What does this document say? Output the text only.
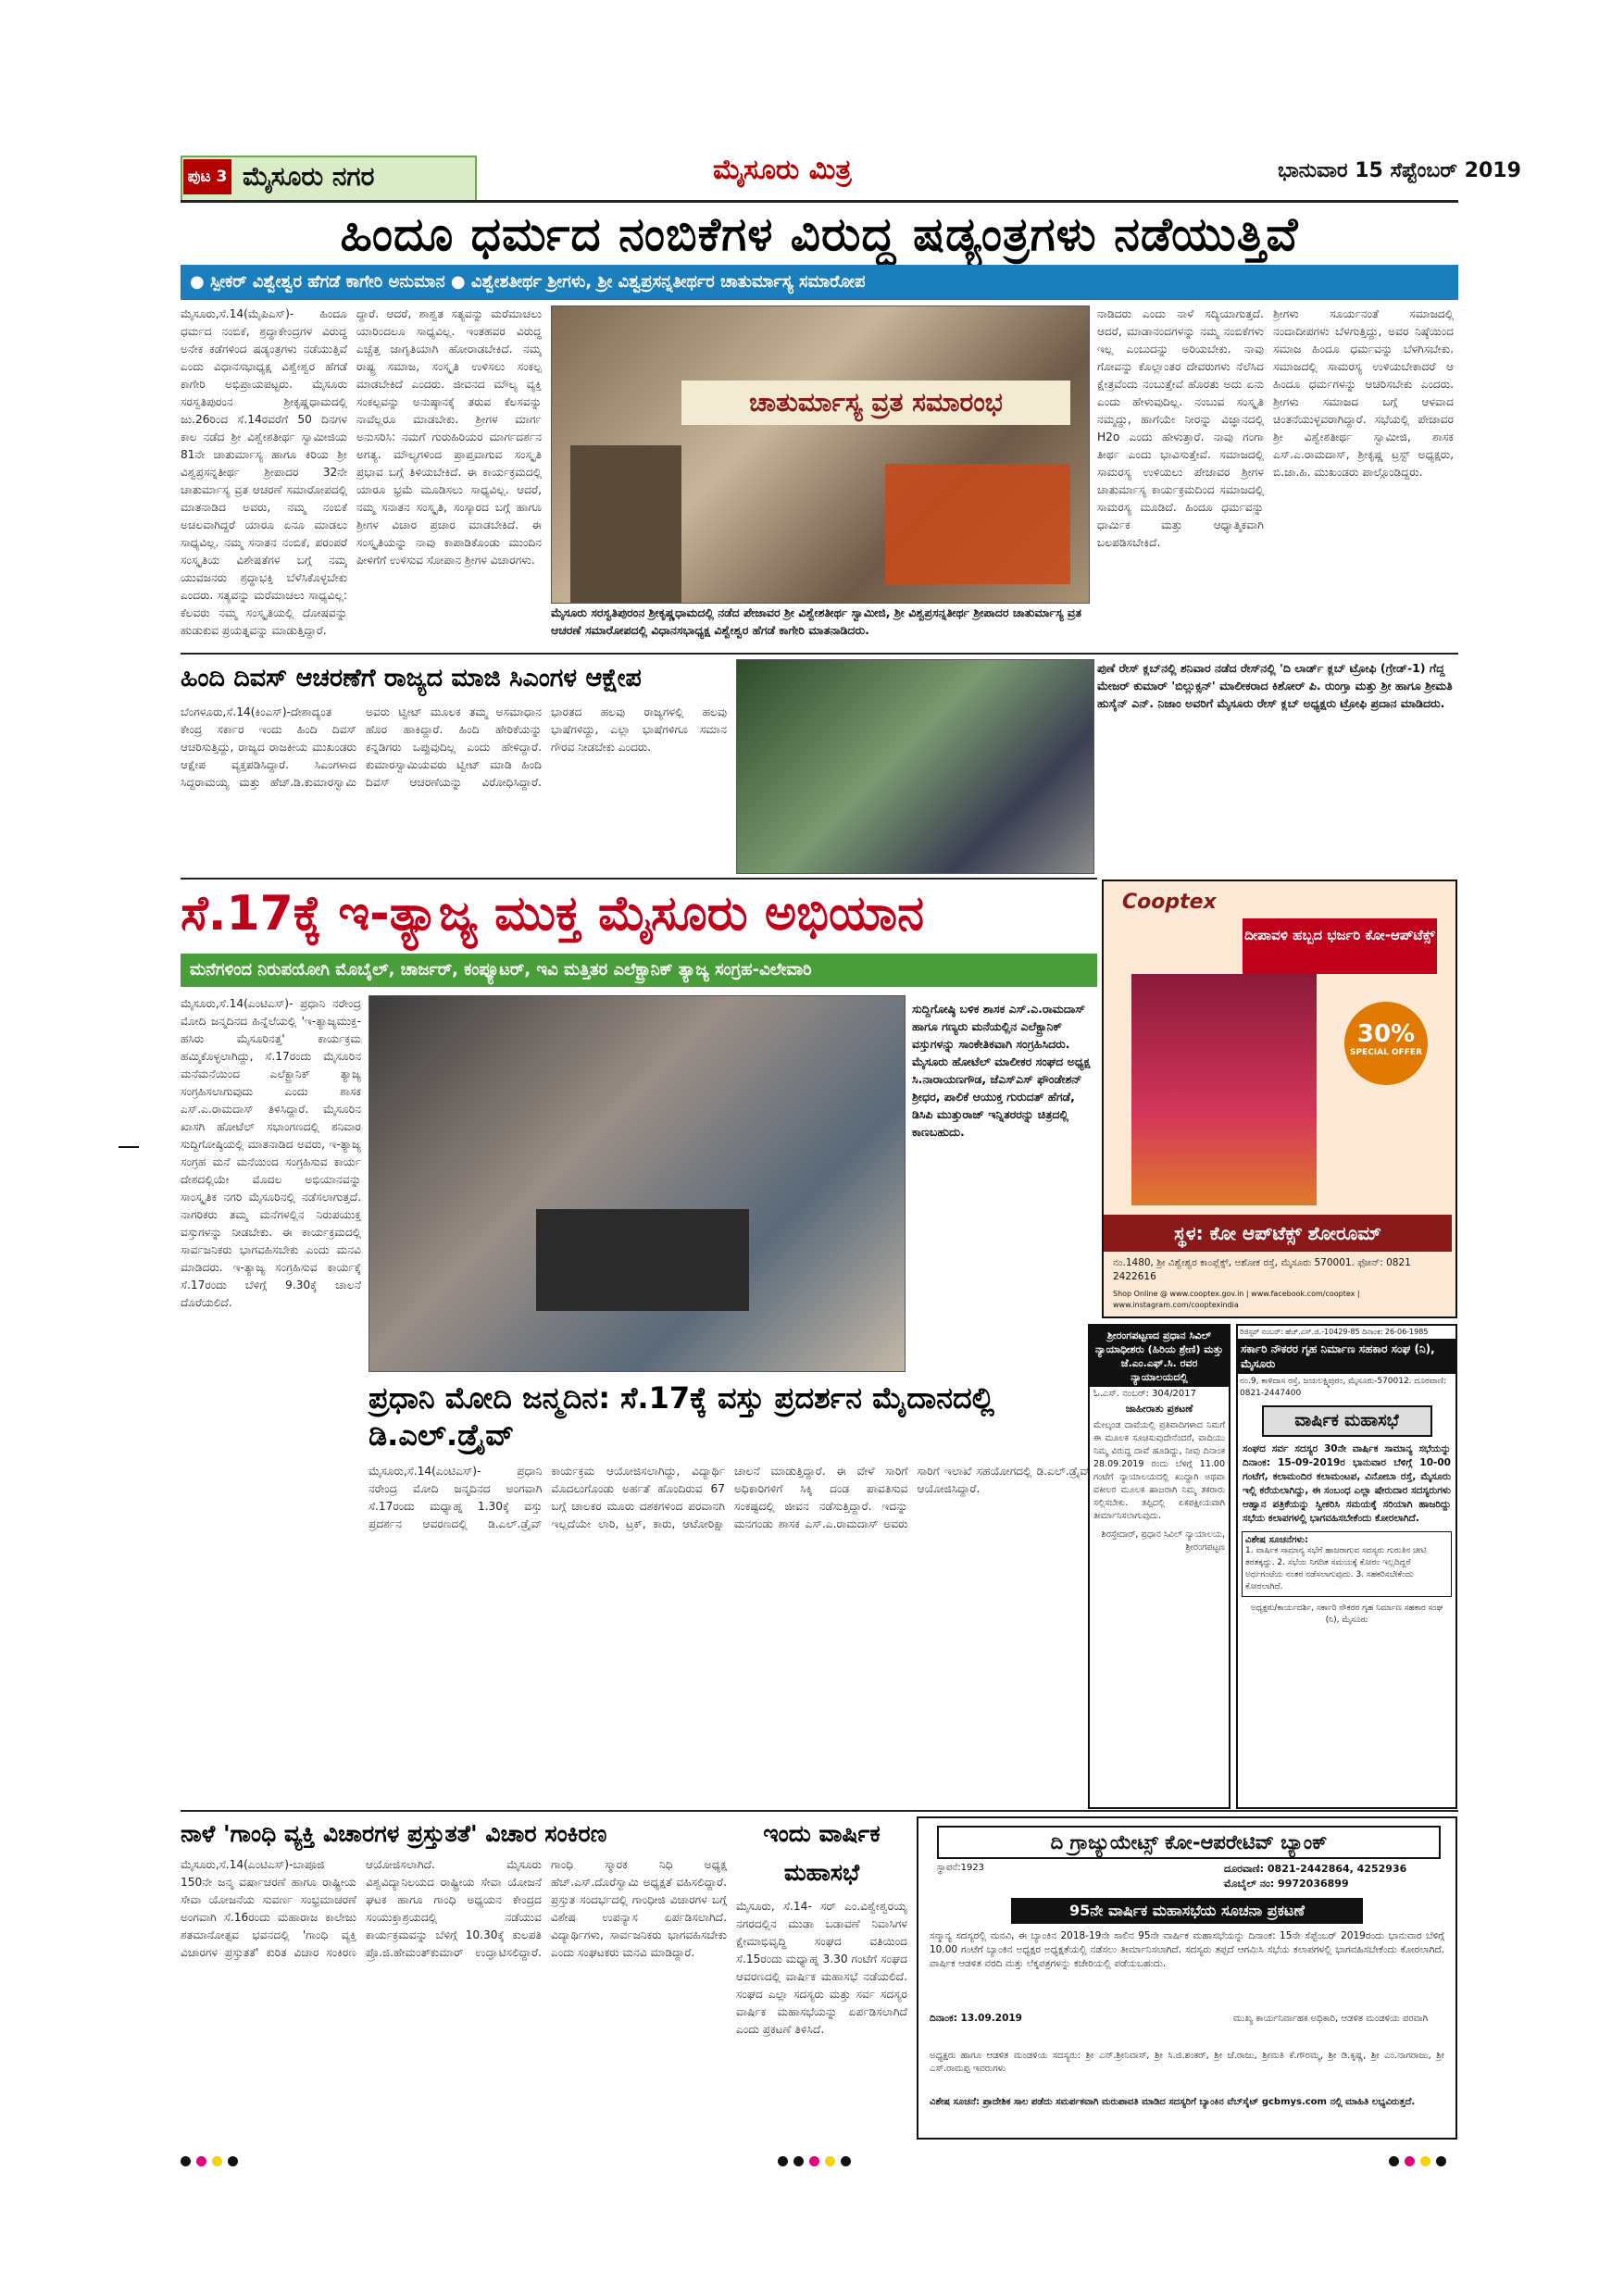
ಪುಟ 3 ಮೈಸೂರು ನಗರ	ಮೈಸೂರು ಮಿತ್ರ	ಭಾನುವಾರ 15 ಸೆಪ್ಟೆಂಬರ್ 2019
ಹಿಂದೂ ಧರ್ಮದ ನಂಬಿಕೆಗಳ ವಿರುದ್ಧ ಷಡ್ಯಂತ್ರಗಳು ನಡೆಯುತ್ತಿವೆ
● ಸ್ಪೀಕರ್ ವಿಶ್ವೇಶ್ವರ ಹೆಗಡೆ ಕಾಗೇರಿ ಅನುಮಾನ ● ವಿಶ್ವೇಶತೀರ್ಥ ಶ್ರೀಗಳು, ಶ್ರೀ ವಿಶ್ವಪ್ರಸನ್ನತೀರ್ಥರ ಚಾತುರ್ಮಾಸ್ಯ ಸಮಾರೋಪ
ಮೈಸೂರು,ಸೆ.14(ಮೈಪಿಎಸ್)- ಹಿಂದೂ ಧರ್ಮದ ನಂಬಿಕೆ, ಶ್ರದ್ಧಾಕೇಂದ್ರಗಳ ವಿರುದ್ಧ ಅನೇಕ ಕಡೆಗಳಿಂದ ಷಡ್ಯಂತ್ರಗಳು ನಡೆಯುತ್ತಿವೆ ಎಂದು ವಿಧಾನಸಭಾಧ್ಯಕ್ಷ ವಿಶ್ವೇಶ್ವರ ಹೆಗಡೆ ಕಾಗೇರಿ ಅಭಿಪ್ರಾಯಪಟ್ಟರು. ಮೈಸೂರು ಸರಸ್ವತಿಪುರಂನ ಶ್ರೀಕೃಷ್ಣಧಾಮದಲ್ಲಿ ಜು.26ರಿಂದ ಸೆ.14ರವರೆಗೆ 50 ದಿನಗಳ ಕಾಲ ನಡೆದ ಶ್ರೀ ವಿಶ್ವೇಶತೀರ್ಥ ಸ್ವಾಮೀಜಿಯ 81ನೇ ಚಾತುರ್ಮಾಸ್ಯ ಹಾಗೂ ಕಿರಿಯ ಶ್ರೀ ವಿಶ್ವಪ್ರಸನ್ನತೀರ್ಥ ಶ್ರೀಪಾದರ 32ನೇ ಚಾತುರ್ಮಾಸ್ಯ ವ್ರತ ಆಚರಣೆ ಸಮಾರೋಪದಲ್ಲಿ ಮಾತನಾಡಿದ ಅವರು, ನಮ್ಮ ನಂಬಿಕೆ ಅಚಲವಾಗಿದ್ದರೆ ಯಾರೂ ಏನೂ ಮಾಡಲು ಸಾಧ್ಯವಿಲ್ಲ. ನಮ್ಮ ಸನಾತನ ನಂಬಿಕೆ, ಪರಂಪರೆ ಸಂಸ್ಕೃತಿಯ ವಿಶೇಷತೆಗಳ ಬಗ್ಗೆ ನಮ್ಮ ಯುವಜನರು ಶ್ರದ್ಧಾಭಕ್ತಿ ಬೆಳೆಸಿಕೊಳ್ಳಬೇಕು ಎಂದರು. ಸತ್ಯವನ್ನು ಮರೆಮಾಚಲು ಸಾಧ್ಯವಿಲ್ಲ: ಕೆಲವರು ನಮ್ಮ ಸಂಸ್ಕೃತಿಯಲ್ಲಿ ದೋಷವನ್ನು ಹುಡುಕುವ ಪ್ರಯತ್ನವನ್ನು ಮಾಡುತ್ತಿದ್ದಾರೆ.
ದ್ದಾರೆ. ಆದರೆ, ಶಾಶ್ವತ ಸತ್ಯವನ್ನು ಮರೆಮಾಚಲು ಯಾರಿಂದಲೂ ಸಾಧ್ಯವಿಲ್ಲ. ಇಂತಹವರ ವಿರುದ್ಧ ಎಚ್ಚೆತ್ತ ಜಾಗೃತಿಯಾಗಿ ಹೋರಾಡಬೇಕಿದೆ. ನಮ್ಮ ರಾಷ್ಟ್ರ ಸಮಾಜ, ಸಂಸ್ಕೃತಿ ಉಳಿಸಲು ಸಂಕಲ್ಪ ಮಾಡಬೇಕಿದೆ ಎಂದರು. ಜೀವನದ ಮೌಲ್ಯ ವ್ಯಕ್ತಿ ಸಂಕಲ್ಪವನ್ನು ಅನುಷ್ಠಾನಕ್ಕೆ ತರುವ ಕೆಲಸವನ್ನು ನಾವೆಲ್ಲರೂ ಮಾಡಬೇಕು. ಶ್ರೀಗಳ ಮಾರ್ಗ ಅನುಸರಿಸಿ: ನಮಗೆ ಗುರುಹಿರಿಯರ ಮಾರ್ಗದರ್ಶನ ಅಗತ್ಯ. ಮೌಲ್ಯಗಳಿಂದ ಪ್ರಾಪ್ತವಾಗುವ ಸಂಸ್ಕೃತಿ ಪ್ರಭಾವ ಬಗ್ಗೆ ತಿಳಿಯಬೇಕಿದೆ. ಈ ಕಾರ್ಯಕ್ರಮದಲ್ಲಿ ಯಾರೂ ಭ್ರಮೆ ಮೂಡಿಸಲು ಸಾಧ್ಯವಿಲ್ಲ. ಆದರೆ, ನಮ್ಮ ಸನಾತನ ಸಂಸ್ಕೃತಿ, ಸಂಸ್ಕಾರದ ಬಗ್ಗೆ ಹಾಗೂ ಶ್ರೀಗಳ ವಿಚಾರ ಪ್ರಚಾರ ಮಾಡಬೇಕಿದೆ. ಈ ಸಂಸ್ಕೃತಿಯನ್ನು ನಾವು ಕಾಪಾಡಿಕೊಂಡು ಮುಂದಿನ ಪೀಳಿಗೆಗೆ ಉಳಿಸುವ ಸೋಪಾನ ಶ್ರೀಗಳ ವಿಚಾರಗಳು.
ಚಾತುರ್ಮಾಸ್ಯ ವ್ರತ ಸಮಾರಂಭ
ಮೈಸೂರು ಸರಸ್ವತಿಪುರಂನ ಶ್ರೀಕೃಷ್ಣಧಾಮದಲ್ಲಿ ನಡೆದ ಪೇಜಾವರ ಶ್ರೀ ವಿಶ್ವೇಶತೀರ್ಥ ಸ್ವಾಮೀಜಿ, ಶ್ರೀ ವಿಶ್ವಪ್ರಸನ್ನತೀರ್ಥ ಶ್ರೀಪಾದರ ಚಾತುರ್ಮಾಸ್ಯ ವ್ರತ ಆಚರಣೆ ಸಮಾರೋಪದಲ್ಲಿ ವಿಧಾನಸಭಾಧ್ಯಕ್ಷ ವಿಶ್ವೇಶ್ವರ ಹೆಗಡೆ ಕಾಗೇರಿ ಮಾತನಾಡಿದರು.
ನಾಡಿದರು ಎಂದು ನಾಳೆ ಸದ್ಯಿಯಾಗುತ್ತದೆ. ಆದರೆ, ಮಾಡಾನಂದಗಳನ್ನು ನಮ್ಮ ನಂಬಿಕೆಗಳು ಇಲ್ಲ ಎಂಬುದನ್ನು ಅರಿಯಬೇಕು. ನಾವು ಗೋವನ್ನು ಕೊಲ್ಲಾಂತರ ದೇವರುಗಳು ನೆಲೆಸಿದ ಕ್ಷೇತ್ರವೆಂದು ನಂಬುತ್ತೇವೆ ಹೊರತು ಅದು ಏನು ಎಂದು ಹೇಳುವುದಿಲ್ಲ. ನಂಬುವ ಸಂಸ್ಕೃತಿ ನಮ್ಮದ್ದು, ಹಾಗೆಯೇ ನೀರನ್ನು ವಿಜ್ಞಾನದಲ್ಲಿ H2o ಎಂದು ಹೇಳುತ್ತಾರೆ. ನಾವು ಗಂಗಾ ತೀರ್ಥ ಎಂದು ಭಾವಿಸುತ್ತೇವೆ. ಸಮಾಜದಲ್ಲಿ ಸಾಮರಸ್ಯ ಉಳಿಯಲು ಪೇಜಾವರ ಶ್ರೀಗಳ ಚಾತುರ್ಮಾಸ್ಯ ಕಾರ್ಯಕ್ರಮದಿಂದ ಸಮಾಜದಲ್ಲಿ ಸಾಮರಸ್ಯ ಮೂಡಿದೆ. ಹಿಂದೂ ಧರ್ಮವನ್ನು ಧಾರ್ಮಿಕ ಮತ್ತು ಆಧ್ಯಾತ್ಮಿಕವಾಗಿ ಬಲಪಡಿಸಬೇಕಿದೆ.
ಶ್ರೀಗಳು ಸೂರ್ಯನಂತೆ ಸಮಾಜದಲ್ಲಿ ನಂದಾದೀಪಗಳು ಬೆಳಗುತ್ತಿದ್ದು, ಅವರ ನಿಷ್ಠೆಯಿಂದ ಸಮಾಜ ಹಿಂದೂ ಧರ್ಮವನ್ನು ಬೆಳಗಿಸಬೇಕು. ಸಮಾಜದಲ್ಲಿ ಸಾಮರಸ್ಯ ಉಳಿಯಬೇಕಾದರೆ ಆ ಹಿಂದೂ ಧರ್ಮಗಳನ್ನು ಆಚರಿಸಬೇಕು ಎಂದರು. ಶ್ರೀಗಳು ಸಮಾಜದ ಬಗ್ಗೆ ಆಳವಾದ ಚಿಂತನೆಯುಳ್ಳವರಾಗಿದ್ದಾರೆ. ಸಭೆಯಲ್ಲಿ ಪೇಜಾವರ ಶ್ರೀ ವಿಶ್ವೇಶತೀರ್ಥ ಸ್ವಾಮೀಜಿ, ಶಾಸಕ ಎಸ್.ಎ.ರಾಮದಾಸ್, ಶ್ರೀಕೃಷ್ಣ ಟ್ರಸ್ಟ್ ಅಧ್ಯಕ್ಷರು, ಬಿ.ಜಾ.ಹಿ. ಮುಖಂಡರು ಪಾಲ್ಗೊಂಡಿದ್ದರು.
ಹಿಂದಿ ದಿವಸ್ ಆಚರಣೆಗೆ ರಾಜ್ಯದ ಮಾಜಿ ಸಿಎಂಗಳ ಆಕ್ಷೇಪ
ಬೆಂಗಳೂರು,ಸೆ.14(ಕಿಂಎಸ್)-ದೇಶಾದ್ಯಂತ ಕೇಂದ್ರ ಸರ್ಕಾರ ಇಂದು ಹಿಂದಿ ದಿವಸ್ ಆಚರಿಸುತ್ತಿದ್ದು, ರಾಜ್ಯದ ರಾಜಕೀಯ ಮುಖಂಡರು ಆಕ್ಷೇಪ ವ್ಯಕ್ತಪಡಿಸಿದ್ದಾರೆ. ಸಿಎಂಗಳಾದ ಸಿದ್ದರಾಮಯ್ಯ ಮತ್ತು ಹೆಚ್.ಡಿ.ಕುಮಾರಸ್ವಾಮಿ ಅವರು ಟ್ವೀಟ್ ಮೂಲಕ ತಮ್ಮ ಅಸಮಾಧಾನ ಹೊರ ಹಾಕಿದ್ದಾರೆ. ಹಿಂದಿ ಹೇರಿಕೆಯನ್ನು ಕನ್ನಡಿಗರು ಒಪ್ಪುವುದಿಲ್ಲ ಎಂದು ಹೇಳಿದ್ದಾರೆ. ಕುಮಾರಸ್ವಾಮಿಯವರು ಟ್ವೀಟ್ ಮಾಡಿ ಹಿಂದಿ ದಿವಸ್ ಆಚರಣೆಯನ್ನು ವಿರೋಧಿಸಿದ್ದಾರೆ. ಭಾರತದ ಹಲವು ರಾಜ್ಯಗಳಲ್ಲಿ ಹಲವು ಭಾಷೆಗಳಿದ್ದು, ಎಲ್ಲಾ ಭಾಷೆಗಳಿಗೂ ಸಮಾನ ಗೌರವ ನೀಡಬೇಕು ಎಂದರು.
ಪುಣೆ ರೇಸ್ ಕ್ಲಬ್‌ನಲ್ಲಿ ಶನಿವಾರ ನಡೆದ ರೇಸ್‌ನಲ್ಲಿ 'ದಿ ಲಾರ್ಡ್ ಕ್ಲಬ್ ಟ್ರೋಫಿ (ಗ್ರೇಡ್-1) ಗೆದ್ದ ಮೇಜರ್ ಕುಮಾರ್ 'ಬಿಲ್ಲುಕ್ಸನ್' ಮಾಲೀಕರಾದ ಕಿಶೋರ್ ಪಿ. ರುಂಗ್ತಾ ಮತ್ತು ಶ್ರೀ ಹಾಗೂ ಶ್ರೀಮತಿ ಹುಸೈನ್ ಎನ್. ನಿಜಾಂ ಅವರಿಗೆ ಮೈಸೂರು ರೇಸ್ ಕ್ಲಬ್ ಅಧ್ಯಕ್ಷರು ಟ್ರೋಫಿ ಪ್ರದಾನ ಮಾಡಿದರು.
ಸೆ.17ಕ್ಕೆ ಇ-ತ್ಯಾಜ್ಯ ಮುಕ್ತ ಮೈಸೂರು ಅಭಿಯಾನ
ಮನೆಗಳಿಂದ ನಿರುಪಯೋಗಿ ಮೊಬೈಲ್, ಚಾರ್ಜರ್, ಕಂಪ್ಯೂಟರ್, ಇವಿ ಮತ್ತಿತರ ಎಲೆಕ್ಟ್ರಾನಿಕ್ ತ್ಯಾಜ್ಯ ಸಂಗ್ರಹ-ವಿಲೇವಾರಿ
ಮೈಸೂರು,ಸೆ.14(ಎಂಟಿಎಸ್)- ಪ್ರಧಾನಿ ನರೇಂದ್ರ ಮೋದಿ ಜನ್ಮದಿನದ ಹಿನ್ನೆಲೆಯಲ್ಲಿ 'ಇ-ತ್ಯಾಜ್ಯಮುಕ್ತ- ಹಸಿರು ಮೈಸೂರಿನತ್ತ' ಕಾರ್ಯಕ್ರಮ ಹಮ್ಮಿಕೊಳ್ಳಲಾಗಿದ್ದು, ಸೆ.17ರಂದು ಮೈಸೂರಿನ ಮನೆಮನೆಯಿಂದ ಎಲೆಕ್ಟ್ರಾನಿಕ್ ತ್ಯಾಜ್ಯ ಸಂಗ್ರಹಿಸಲಾಗುವುದು ಎಂದು ಶಾಸಕ ಎಸ್.ಎ.ರಾಮದಾಸ್ ತಿಳಿಸಿದ್ದಾರೆ. ಮೈಸೂರಿನ ಖಾಸಗಿ ಹೋಟೆಲ್ ಸಭಾಂಗಣದಲ್ಲಿ ಶನಿವಾರ ಸುದ್ದಿಗೋಷ್ಠಿಯಲ್ಲಿ ಮಾತನಾಡಿದ ಅವರು, ಇ-ತ್ಯಾಜ್ಯ ಸಂಗ್ರಹ ಮನೆ ಮನೆಯಿಂದ ಸಂಗ್ರಹಿಸುವ ಕಾರ್ಯ ದೇಶದಲ್ಲಿಯೇ ಮೊದಲ ಅಭಿಯಾನವನ್ನು ಸಾಂಸ್ಕೃತಿಕ ನಗರಿ ಮೈಸೂರಿನಲ್ಲಿ ನಡೆಸಲಾಗುತ್ತದೆ. ನಾಗರಿಕರು ತಮ್ಮ ಮನೆಗಳಲ್ಲಿನ ನಿರುಪಯುಕ್ತ ವಸ್ತುಗಳನ್ನು ನೀಡಬೇಕು. ಈ ಕಾರ್ಯಕ್ರಮದಲ್ಲಿ ಸಾರ್ವಜನಿಕರು ಭಾಗವಹಿಸಬೇಕು ಎಂದು ಮನವಿ ಮಾಡಿದರು. ಇ-ತ್ಯಾಜ್ಯ ಸಂಗ್ರಹಿಸುವ ಕಾರ್ಯಕ್ಕೆ ಸೆ.17ರಂದು ಬೆಳಿಗ್ಗೆ 9.30ಕ್ಕೆ ಚಾಲನೆ ದೊರೆಯಲಿದೆ.
ಸುದ್ದಿಗೋಷ್ಠಿ ಬಳಿಕ ಶಾಸಕ ಎಸ್.ಎ.ರಾಮದಾಸ್ ಹಾಗೂ ಗಣ್ಯರು ಮನೆಯಲ್ಲಿನ ಎಲೆಕ್ಟ್ರಾನಿಕ್ ವಸ್ತುಗಳನ್ನು ಸಾಂಕೇತಿಕವಾಗಿ ಸಂಗ್ರಹಿಸಿದರು. ಮೈಸೂರು ಹೋಟೆಲ್ ಮಾಲೀಕರ ಸಂಘದ ಅಧ್ಯಕ್ಷ ಸಿ.ನಾರಾಯಣಗೌಡ, ಜೆಎಸ್‌ಎಸ್ ಫೌಂಡೇಶನ್ ಶ್ರೀಧರ, ಪಾಲಿಕೆ ಆಯುಕ್ತ ಗುರುದತ್ ಹೆಗಡೆ, ಡಿಸಿಪಿ ಮುತ್ತುರಾಜ್ ಇನ್ನಿತರರನ್ನು ಚಿತ್ರದಲ್ಲಿ ಕಾಣಬಹುದು.
ಪ್ರಧಾನಿ ಮೋದಿ ಜನ್ಮದಿನ: ಸೆ.17ಕ್ಕೆ ವಸ್ತು ಪ್ರದರ್ಶನ ಮೈದಾನದಲ್ಲಿ ಡಿ.ಎಲ್.ಡ್ರೈವ್
ಮೈಸೂರು,ಸೆ.14(ಎಂಟಿಎಸ್)- ಪ್ರಧಾನಿ ನರೇಂದ್ರ ಮೋದಿ ಜನ್ಮದಿನದ ಅಂಗವಾಗಿ ಸೆ.17ರಂದು ಮಧ್ಯಾಹ್ನ 1.30ಕ್ಕೆ ವಸ್ತು ಪ್ರದರ್ಶನ ಆವರಣದಲ್ಲಿ ಡಿ.ಎಲ್.ಡ್ರೈವ್ ಕಾರ್ಯಕ್ರಮ ಆಯೋಜಿಸಲಾಗಿದ್ದು, ವಿದ್ಯಾರ್ಥಿ ಮೊದಲುಗೊಂಡು ಅರ್ಹತೆ ಹೊಂದಿರುವ 67 ಬಗ್ಗೆ ಚಾಲಕರ ಮೂರು ದಶಕಗಳಿಂದ ಪರವಾನಗಿ ಇಲ್ಲದೆಯೇ ಲಾರಿ, ಟ್ರಕ್, ಕಾರು, ಆಟೋರಿಕ್ಷಾ ಚಾಲನೆ ಮಾಡುತ್ತಿದ್ದಾರೆ. ಈ ವೇಳೆ ಸಾರಿಗೆ ಅಧಿಕಾರಿಗಳಿಗೆ ಸಿಕ್ಕಿ ದಂಡ ಪಾವತಿಸುವ ಸಂಕಷ್ಟದಲ್ಲಿ ಜೀವನ ನಡೆಸುತ್ತಿದ್ದಾರೆ. ಇದನ್ನು ಮನಗಂಡು ಶಾಸಕ ಎಸ್.ಎ.ರಾಮದಾಸ್ ಅವರು ಸಾರಿಗೆ ಇಲಾಖೆ ಸಹಯೋಗದಲ್ಲಿ ಡಿ.ಎಲ್.ಡ್ರೈವ್ ಆಯೋಜಿಸಿದ್ದಾರೆ.
Cooptex
ದೀಪಾವಳಿ ಹಬ್ಬದ ಭರ್ಜರಿ ಕೋ-ಆಪ್‌ಟೆಕ್ಸ್
30%
SPECIAL OFFER
ಸ್ಥಳ: ಕೋ ಆಪ್‌ಟೆಕ್ಸ್ ಶೋರೂಮ್
ನಂ.1480, ಶ್ರೀ ವಿಶ್ವೇಶ್ವರ ಕಾಂಪ್ಲೆಕ್ಸ್, ಅಶೋಕ ರಸ್ತೆ, ಮೈಸೂರು 570001. ಫೋನ್: 0821 2422616
Shop Online @ www.cooptex.gov.in | www.facebook.com/cooptex | www.instagram.com/cooptexindia
ಶ್ರೀರಂಗಪಟ್ಟಣದ ಪ್ರಧಾನ ಸಿವಿಲ್ ನ್ಯಾಯಾಧೀಶರು (ಹಿರಿಯ ಶ್ರೇಣಿ) ಮತ್ತು ಜೆ.ಎಂ.ಎಫ್.ಸಿ. ರವರ ನ್ಯಾಯಾಲಯದಲ್ಲಿ
ಓ.ಎಸ್. ನಂಬರ್: 304/2017
ಜಾಹೀರಾತು ಪ್ರಕಟಣೆ
ಮೇಲ್ಕಂಡ ದಾವೆಯಲ್ಲಿ ಪ್ರತಿವಾದಿಗಳಾದ ನಿಮಗೆ ಈ ಮೂಲಕ ಸೂಚಿಸುವುದೇನೆಂದರೆ, ವಾದಿಯು ನಿಮ್ಮ ವಿರುದ್ಧ ದಾವೆ ಹೂಡಿದ್ದು, ನೀವು ದಿನಾಂಕ 28.09.2019 ರಂದು ಬೆಳಿಗ್ಗೆ 11.00 ಗಂಟೆಗೆ ನ್ಯಾಯಾಲಯದಲ್ಲಿ ಖುದ್ದಾಗಿ ಅಥವಾ ವಕೀಲರ ಮೂಲಕ ಹಾಜರಾಗಿ ನಿಮ್ಮ ತಕರಾರು ಸಲ್ಲಿಸಬೇಕು. ತಪ್ಪಿದಲ್ಲಿ ಏಕಪಕ್ಷೀಯವಾಗಿ ತೀರ್ಮಾನಿಸಲಾಗುವುದು.
ಶಿರಸ್ತೇದಾರ್, ಪ್ರಧಾನ ಸಿವಿಲ್ ನ್ಯಾಯಾಲಯ, ಶ್ರೀರಂಗಪಟ್ಟಣ
ರಿಜಿಸ್ಟರ್ ನಂಬರ್: ಹೆಚ್.ಎಸ್.ಜಿ.-10429-85 ದಿನಾಂಕ: 26-06-1985
ಸರ್ಕಾರಿ ನೌಕರರ ಗೃಹ ನಿರ್ಮಾಣ ಸಹಕಾರ ಸಂಘ (ನಿ), ಮೈಸೂರು
ನಂ.9, ಕಾಳಿದಾಸ ರಸ್ತೆ, ಜಯಲಕ್ಷ್ಮಿಪುರಂ, ಮೈಸೂರು-570012. ದೂರವಾಣಿ: 0821-2447400
ವಾರ್ಷಿಕ ಮಹಾಸಭೆ
ಸಂಘದ ಸರ್ವ ಸದಸ್ಯರ 30ನೇ ವಾರ್ಷಿಕ ಸಾಮಾನ್ಯ ಸಭೆಯನ್ನು ದಿನಾಂಕ: 15-09-2019ರ ಭಾನುವಾರ ಬೆಳಿಗ್ಗೆ 10-00 ಗಂಟೆಗೆ, ಕಲಾಮಂದಿರ ಕಲಾಮಂಟಪ, ವಿನೋಬಾ ರಸ್ತೆ, ಮೈಸೂರು ಇಲ್ಲಿ ಕರೆಯಲಾಗಿದ್ದು, ಈ ಸಂಬಂಧ ಎಲ್ಲಾ ಷೇರುದಾರ ಸದಸ್ಯರುಗಳು ಆಹ್ವಾನ ಪತ್ರಿಕೆಯನ್ನು ಸ್ವೀಕರಿಸಿ ಸಮಯಕ್ಕೆ ಸರಿಯಾಗಿ ಹಾಜರಿದ್ದು ಸಭೆಯ ಕಲಾಪಗಳಲ್ಲಿ ಭಾಗವಹಿಸಬೇಕೆಂದು ಕೋರಲಾಗಿದೆ.
ವಿಶೇಷ ಸೂಚನೆಗಳು:
1. ವಾರ್ಷಿಕ ಸಾಮಾನ್ಯ ಸಭೆಗೆ ಹಾಜರಾಗುವ ಸದಸ್ಯರು ಗುರುತಿನ ಚೀಟಿ ತರತಕ್ಕದ್ದು. 2. ಸಭೆಯ ನಿಗದಿತ ಸಮಯಕ್ಕೆ ಕೋರಂ ಇಲ್ಲದಿದ್ದರೆ ಅರ್ಧಗಂಟೆಯ ನಂತರ ನಡೆಸಲಾಗುವುದು. 3. ಸಹಕರಿಸಬೇಕೆಂದು ಕೋರಲಾಗಿದೆ.
ಅಧ್ಯಕ್ಷರು/ಕಾರ್ಯದರ್ಶಿ, ಸರ್ಕಾರಿ ನೌಕರರ ಗೃಹ ನಿರ್ಮಾಣ ಸಹಕಾರ ಸಂಘ (ನಿ), ಮೈಸೂರು
ನಾಳೆ 'ಗಾಂಧಿ ವ್ಯಕ್ತಿ ವಿಚಾರಗಳ ಪ್ರಸ್ತುತತೆ' ವಿಚಾರ ಸಂಕಿರಣ
ಮೈಸೂರು,ಸೆ.14(ಎಂಟಿಎಸ್)-ಬಾಪೂಜಿ 150ನೇ ಜನ್ಮ ವರ್ಷಾಚರಣೆ ಹಾಗೂ ರಾಷ್ಟ್ರೀಯ ಸೇವಾ ಯೋಜನೆಯ ಸುವರ್ಣ ಸಂಭ್ರಮಾಚರಣೆ ಅಂಗವಾಗಿ ಸೆ.16ರಂದು ಮಹಾರಾಜ ಕಾಲೇಜು ಶತಮಾನೋತ್ಸವ ಭವನದಲ್ಲಿ 'ಗಾಂಧಿ ವ್ಯಕ್ತಿ ವಿಚಾರಗಳ ಪ್ರಸ್ತುತತೆ' ಕುರಿತ ವಿಚಾರ ಸಂಕಿರಣ ಆಯೋಜಿಸಲಾಗಿದೆ. ಮೈಸೂರು ವಿಶ್ವವಿದ್ಯಾನಿಲಯದ ರಾಷ್ಟ್ರೀಯ ಸೇವಾ ಯೋಜನೆ ಘಟಕ ಹಾಗೂ ಗಾಂಧಿ ಅಧ್ಯಯನ ಕೇಂದ್ರದ ಸಂಯುಕ್ತಾಶ್ರಯದಲ್ಲಿ ನಡೆಯುವ ಕಾರ್ಯಕ್ರಮವನ್ನು ಬೆಳಿಗ್ಗೆ 10.30ಕ್ಕೆ ಕುಲಪತಿ ಪ್ರೊ.ಜಿ.ಹೇಮಂತ್‌ಕುಮಾರ್ ಉದ್ಘಾಟಿಸಲಿದ್ದಾರೆ. ಗಾಂಧಿ ಸ್ಮಾರಕ ನಿಧಿ ಅಧ್ಯಕ್ಷ ಹೆಚ್.ಎಸ್.ದೊರೆಸ್ವಾಮಿ ಅಧ್ಯಕ್ಷತೆ ವಹಿಸಲಿದ್ದಾರೆ. ಪ್ರಸ್ತುತ ಸಂದರ್ಭದಲ್ಲಿ ಗಾಂಧೀಜಿ ವಿಚಾರಗಳ ಬಗ್ಗೆ ವಿಶೇಷ ಉಪನ್ಯಾಸ ಏರ್ಪಡಿಸಲಾಗಿದೆ. ವಿದ್ಯಾರ್ಥಿಗಳು, ಸಾರ್ವಜನಿಕರು ಭಾಗವಹಿಸಬೇಕು ಎಂದು ಸಂಘಟಕರು ಮನವಿ ಮಾಡಿದ್ದಾರೆ.
ಇಂದು ವಾರ್ಷಿಕ ಮಹಾಸಭೆ
ಮೈಸೂರು, ಸೆ.14- ಸರ್ ಎಂ.ವಿಶ್ವೇಶ್ವರಯ್ಯ ನಗರದಲ್ಲಿನ ಮುಡಾ ಬಡಾವಣೆ ನಿವಾಸಿಗಳ ಕ್ಷೇಮಾಭಿವೃದ್ಧಿ ಸಂಘದ ವತಿಯಿಂದ ಸೆ.15ರಂದು ಮಧ್ಯಾಹ್ನ 3.30 ಗಂಟೆಗೆ ಸಂಘದ ಆವರಣದಲ್ಲಿ ವಾರ್ಷಿಕ ಮಹಾಸಭೆ ನಡೆಯಲಿದೆ. ಸಂಘದ ಎಲ್ಲಾ ಸದಸ್ಯರು ಮತ್ತು ಸರ್ವ ಸದಸ್ಯರ ವಾರ್ಷಿಕ ಮಹಾಸಭೆಯನ್ನು ಏರ್ಪಡಿಸಲಾಗಿದೆ ಎಂದು ಪ್ರಕಟಣೆ ತಿಳಿಸಿದೆ.
ದಿ ಗ್ರಾಜ್ಯುಯೇಟ್ಸ್ ಕೋ-ಆಪರೇಟಿವ್ ಬ್ಯಾಂಕ್
ಸ್ಥಾಪನೆ:1923	ದೂರವಾಣಿ: 0821-2442864, 4252936
ಮೊಬೈಲ್ ನಂ: 9972036899
95ನೇ ವಾರ್ಷಿಕ ಮಹಾಸಭೆಯ ಸೂಚನಾ ಪ್ರಕಟಣೆ
ಸನ್ಮಾನ್ಯ ಸದಸ್ಯರಲ್ಲಿ ಮನವಿ, ಈ ಬ್ಯಾಂಕಿನ 2018-19ನೇ ಸಾಲಿನ 95ನೇ ವಾರ್ಷಿಕ ಮಹಾಸಭೆಯನ್ನು ದಿನಾಂಕ: 15ನೇ ಸೆಪ್ಟೆಂಬರ್ 2019ರಂದು ಭಾನುವಾರ ಬೆಳಿಗ್ಗೆ 10.00 ಗಂಟೆಗೆ ಬ್ಯಾಂಕಿನ ಅಧ್ಯಕ್ಷರ ಅಧ್ಯಕ್ಷತೆಯಲ್ಲಿ ನಡೆಸಲು ತೀರ್ಮಾನಿಸಲಾಗಿದೆ. ಸದಸ್ಯರು ತಪ್ಪದೆ ಆಗಮಿಸಿ ಸಭೆಯ ಕಲಾಪಗಳಲ್ಲಿ ಭಾಗವಹಿಸಬೇಕೆಂದು ಕೋರಲಾಗಿದೆ. ವಾರ್ಷಿಕ ಆಡಳಿತ ವರದಿ ಮತ್ತು ಲೆಕ್ಕಪತ್ರಗಳನ್ನು ಕಚೇರಿಯಲ್ಲಿ ಪಡೆಯಬಹುದು.
ದಿನಾಂಕ: 13.09.2019	ಮುಖ್ಯ ಕಾರ್ಯನಿರ್ವಾಹಕ ಅಧಿಕಾರಿ, ಆಡಳಿತ ಮಂಡಳಿಯ ಪರವಾಗಿ
ಅಧ್ಯಕ್ಷರು ಹಾಗೂ ಆಡಳಿತ ಮಂಡಳಿಯ ಸದಸ್ಯರು: ಶ್ರೀ ಎನ್.ಶ್ರೀನಿವಾಸ್, ಶ್ರೀ ಸಿ.ಜಿ.ಶಂಕರ್, ಶ್ರೀ ಜೆ.ರಾಜು, ಶ್ರೀಮತಿ ಕೆ.ಗೌರಮ್ಮ, ಶ್ರೀ ಡಿ.ಕೃಷ್ಣ, ಶ್ರೀ ಎಂ.ನಾಗರಾಜು, ಶ್ರೀ ಎಸ್.ರಾಮಪ್ಪ ಇವರುಗಳು
ವಿಶೇಷ ಸೂಚನೆ: ಪ್ರಾದೇಶಿಕ ಸಾಲ ಪಡೆದು ಸಮರ್ಪಕವಾಗಿ ಮರುಪಾವತಿ ಮಾಡಿದ ಸದಸ್ಯರಿಗೆ ಬ್ಯಾಂಕಿನ ವೆಬ್‌ಸೈಟ್ gcbmys.com ನಲ್ಲಿ ಮಾಹಿತಿ ಲಭ್ಯವಿರುತ್ತದೆ.
